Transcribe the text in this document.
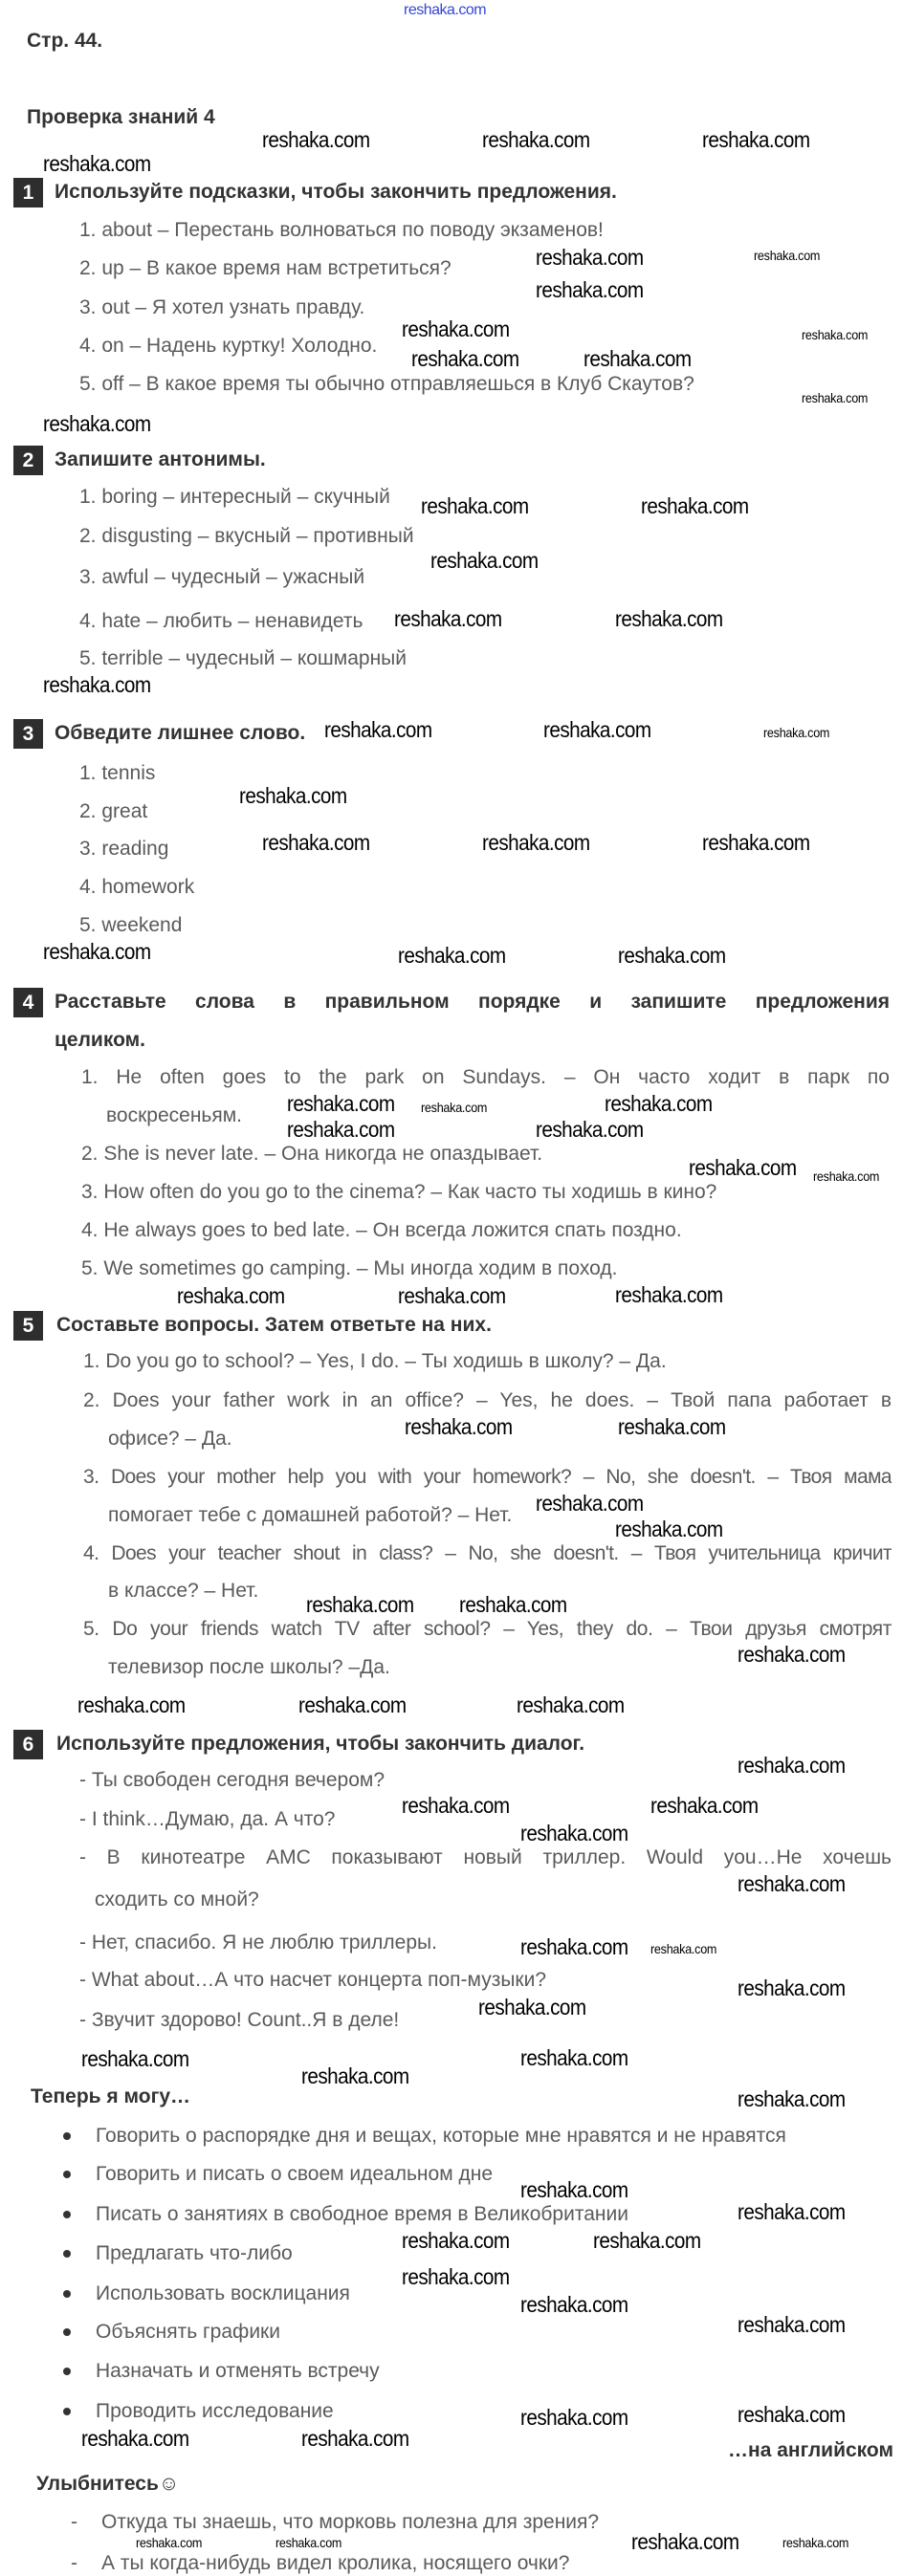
reshaka.com
Стр. 44.
Проверка знаний 4
1	Используйте подсказки, чтобы закончить предложения.
1. about – Перестань волноваться по поводу экзаменов!
2. up – В какое время нам встретиться?
3. out – Я хотел узнать правду.
4. on – Надень куртку! Холодно.
5. off – В какое время ты обычно отправляешься в Клуб Скаутов?
2	Запишите антонимы.
1. boring – интересный – скучный
2. disgusting – вкусный – противный
3. awful – чудесный – ужасный
4. hate – любить – ненавидеть
5. terrible – чудесный – кошмарный
3	Обведите лишнее слово.
1. tennis
2. great
3. reading
4. homework
5. weekend
4	Расставьте слова в правильном порядке и запишите предложения
целиком.
1. He often goes to the park on Sundays. – Он часто ходит в парк по
воскресеньям.
2. She is never late. – Она никогда не опаздывает.
3. How often do you go to the cinema? – Как часто ты ходишь в кино?
4. He always goes to bed late. – Он всегда ложится спать поздно.
5. We sometimes go camping. – Мы иногда ходим в поход.
5	Составьте вопросы. Затем ответьте на них.
1. Do you go to school? – Yes, I do. – Ты ходишь в школу? – Да.
2. Does your father work in an office? – Yes, he does. – Твой папа работает в
офисе? – Да.
3. Does your mother help you with your homework? – No, she doesn't. – Твоя мама
помогает тебе с домашней работой? – Нет.
4. Does your teacher shout in class? – No, she doesn't. – Твоя учительница кричит
в классе? – Нет.
5. Do your friends watch TV after school? – Yes, they do. – Твои друзья смотрят
телевизор после школы? –Да.
6	Используйте предложения, чтобы закончить диалог.
- Ты свободен сегодня вечером?
- I think…Думаю, да. А что?
- В кинотеатре АМС показывают новый триллер. Would you…Не хочешь
сходить со мной?
- Нет, спасибо. Я не люблю триллеры.
- What about…А что насчет концерта поп-музыки?
- Звучит здорово! Count..Я в деле!
Теперь я могу…
Говорить о распорядке дня и вещах, которые мне нравятся и не нравятся
Говорить и писать о своем идеальном дне
Писать о занятиях в свободное время в Великобритании
Предлагать что-либо
Использовать восклицания
Объяснять графики
Назначать и отменять встречу
Проводить исследование
…на английском
Улыбнитесь☺
- Откуда ты знаешь, что морковь полезна для зрения?
- А ты когда-нибудь видел кролика, носящего очки?
reshaka.com	reshaka.com	reshaka.com
reshaka.com
reshaka.com	reshaka.com
reshaka.com
reshaka.com	reshaka.com
reshaka.com	reshaka.com
reshaka.com
reshaka.com
reshaka.com	reshaka.com
reshaka.com
reshaka.com	reshaka.com
reshaka.com
reshaka.com	reshaka.com	reshaka.com
reshaka.com
reshaka.com	reshaka.com	reshaka.com
reshaka.com	reshaka.com	reshaka.com
reshaka.com reshaka.com	reshaka.com
reshaka.com	reshaka.com
reshaka.com reshaka.com
reshaka.com
reshaka.com	reshaka.com
reshaka.com	reshaka.com
reshaka.com
reshaka.com
reshaka.com reshaka.com
reshaka.com
reshaka.com	reshaka.com	reshaka.com
reshaka.com
reshaka.com	reshaka.com
reshaka.com
reshaka.com
reshaka.com reshaka.com
reshaka.com
reshaka.com
reshaka.com
reshaka.com
reshaka.com
reshaka.com
reshaka.com
reshaka.com
reshaka.com	reshaka.com
reshaka.com
reshaka.com
reshaka.com
reshaka.com	reshaka.com
reshaka.com	reshaka.com
reshaka.com	reshaka.com	reshaka.com	reshaka.com
